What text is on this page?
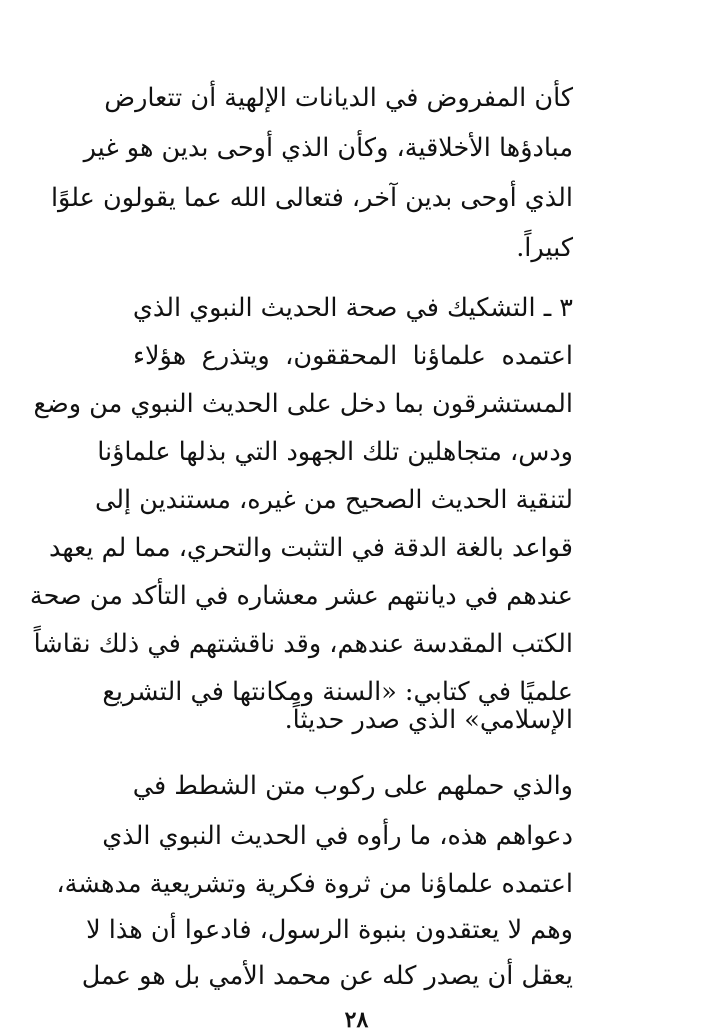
كأن المفروض في الديانات الإلهية أن تتعارض
مبادؤها الأخلاقية، وكأن الذي أوحى بدين هو غير
الذي أوحى بدين آخر، فتعالى الله عما يقولون علوًا
كبيراً.
٣ ـ التشكيك في صحة الحديث النبوي الذي
اعتمده علماؤنا المحققون، ويتذرع هؤلاء
المستشرقون بما دخل على الحديث النبوي من وضع
ودس، متجاهلين تلك الجهود التي بذلها علماؤنا
لتنقية الحديث الصحيح من غيره، مستندين إلى
قواعد بالغة الدقة في التثبت والتحري، مما لم يعهد
عندهم في ديانتهم عشر معشاره في التأكد من صحة
الكتب المقدسة عندهم، وقد ناقشتهم في ذلك نقاشاً
علميًا في كتابي: «السنة ومكانتها في التشريع
الإسلامي» الذي صدر حديثاً.
والذي حملهم على ركوب متن الشطط في
دعواهم هذه، ما رأوه في الحديث النبوي الذي
اعتمده علماؤنا من ثروة فكرية وتشريعية مدهشة،
وهم لا يعتقدون بنبوة الرسول، فادعوا أن هذا لا
يعقل أن يصدر كله عن محمد الأمي بل هو عمل
٢٨
